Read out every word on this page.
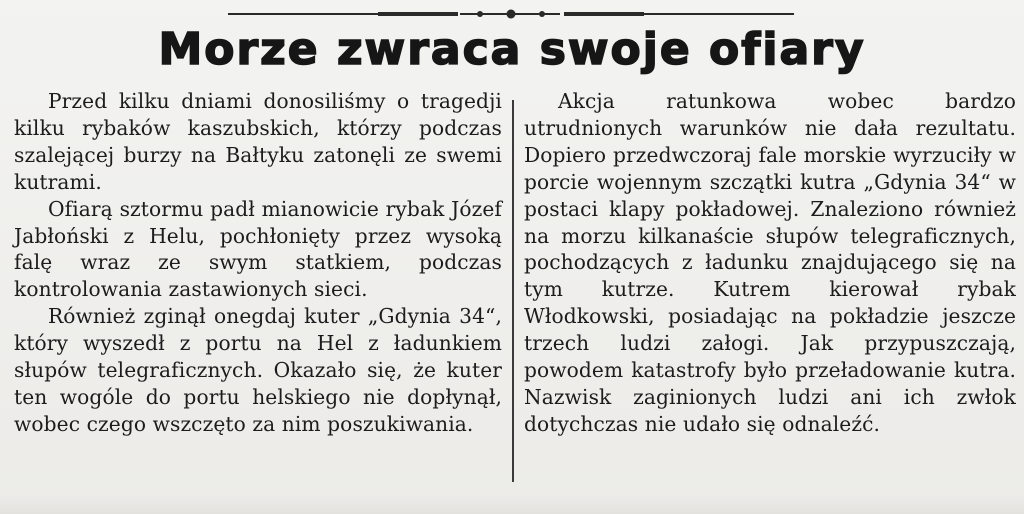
Morze zwraca swoje ofiary

Przed kilku dniami donosiliśmy o tragedji kilku rybaków kaszubskich, którzy podczas szalejącej burzy na Bałtyku zatonęli ze swemi kutrami.

Ofiarą sztormu padł mianowicie rybak Józef Jabłoński z Helu, pochłonięty przez wysoką falę wraz ze swym statkiem, podczas kontrolowania zastawionych sieci.

Również zginął onegdaj kuter „Gdynia 34“, który wyszedł z portu na Hel z ładunkiem słupów telegraficznych. Okazało się, że kuter ten wogóle do portu helskiego nie dopłynął, wobec czego wszczęto za nim poszukiwania.

Akcja ratunkowa wobec bardzo utrudnionych warunków nie dała rezultatu. Dopiero przedwczoraj fale morskie wyrzuciły w porcie wojennym szczątki kutra „Gdynia 34“ w postaci klapy pokładowej. Znaleziono również na morzu kilkanaście słupów telegraficznych, pochodzących z ładunku znajdującego się na tym kutrze. Kutrem kierował rybak Włodkowski, posiadając na pokładzie jeszcze trzech ludzi załogi. Jak przypuszczają, powodem katastrofy było przeładowanie kutra. Nazwisk zaginionych ludzi ani ich zwłok dotychczas nie udało się odnaleźć.
